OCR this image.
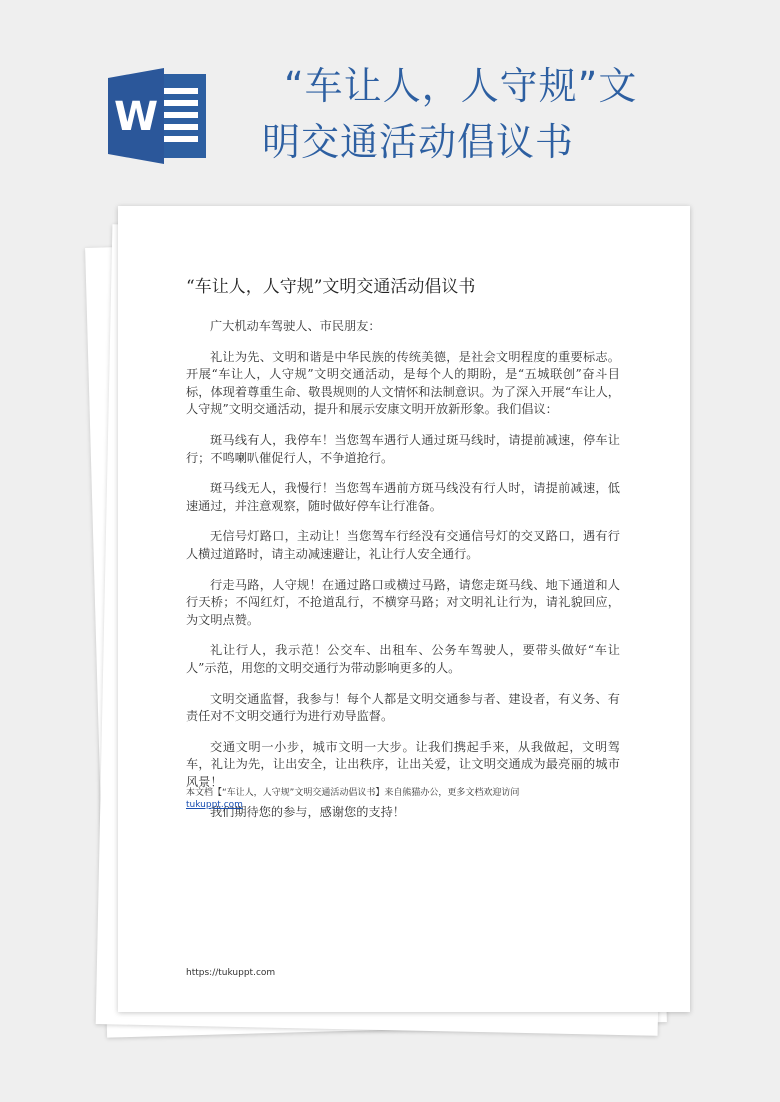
W
“车让人，人守规”文
明交通活动倡议书
“车让人，人守规”文明交通活动倡议书

广大机动车驾驶人、市民朋友：

礼让为先、文明和谐是中华民族的传统美德，是社会文明程度的重要标志。开展“车让人，人守规”文明交通活动，是每个人的期盼，是“五城联创”奋斗目标，体现着尊重生命、敬畏规则的人文情怀和法制意识。为了深入开展“车让人，人守规”文明交通活动，提升和展示安康文明开放新形象。我们倡议：

斑马线有人，我停车！当您驾车遇行人通过斑马线时，请提前减速，停车让行；不鸣喇叭催促行人，不争道抢行。

斑马线无人，我慢行！当您驾车遇前方斑马线没有行人时，请提前减速，低速通过，并注意观察，随时做好停车让行准备。

无信号灯路口，主动让！当您驾车行经没有交通信号灯的交叉路口，遇有行人横过道路时，请主动减速避让，礼让行人安全通行。

行走马路，人守规！在通过路口或横过马路，请您走斑马线、地下通道和人行天桥；不闯红灯，不抢道乱行，不横穿马路；对文明礼让行为，请礼貌回应，为文明点赞。

礼让行人，我示范！公交车、出租车、公务车驾驶人，要带头做好“车让人”示范，用您的文明交通行为带动影响更多的人。

文明交通监督，我参与！每个人都是文明交通参与者、建设者，有义务、有责任对不文明交通行为进行劝导监督。

交通文明一小步，城市文明一大步。让我们携起手来，从我做起，文明驾车，礼让为先，让出安全，让出秩序，让出关爱，让文明交通成为最亮丽的城市风景！

我们期待您的参与，感谢您的支持！

本文档【“车让人，人守规”文明交通活动倡议书】来自熊猫办公，更多文档欢迎访问
tukuppt.com
https://tukuppt.com
